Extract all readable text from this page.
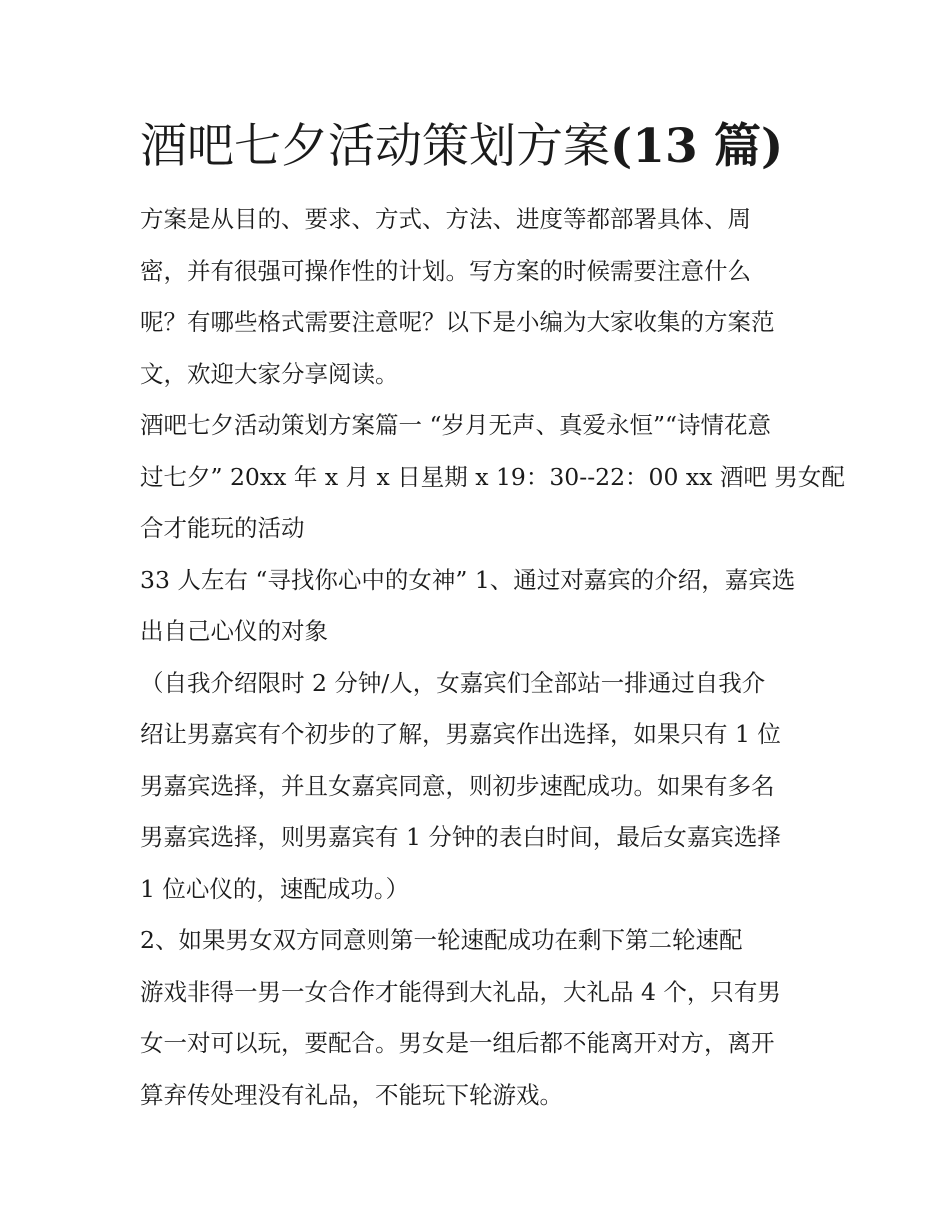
酒吧七夕活动策划方案(13 篇)
方案是从目的、要求、方式、方法、进度等都部署具体、周
密，并有很强可操作性的计划。写方案的时候需要注意什么
呢？有哪些格式需要注意呢？以下是小编为大家收集的方案范
文，欢迎大家分享阅读。
酒吧七夕活动策划方案篇一 “岁月无声、真爱永恒”“诗情花意
过七夕” 20xx 年 x 月 x 日星期 x 19：30--22：00 xx 酒吧 男女配
合才能玩的活动
33 人左右 “寻找你心中的女神” 1、通过对嘉宾的介绍，嘉宾选
出自己心仪的对象
（自我介绍限时 2 分钟/人，女嘉宾们全部站一排通过自我介
绍让男嘉宾有个初步的了解，男嘉宾作出选择，如果只有 1 位
男嘉宾选择，并且女嘉宾同意，则初步速配成功。如果有多名
男嘉宾选择，则男嘉宾有 1 分钟的表白时间，最后女嘉宾选择
1 位心仪的，速配成功。）
2、如果男女双方同意则第一轮速配成功在剩下第二轮速配
游戏非得一男一女合作才能得到大礼品，大礼品 4 个，只有男
女一对可以玩，要配合。男女是一组后都不能离开对方，离开
算弃传处理没有礼品，不能玩下轮游戏。
